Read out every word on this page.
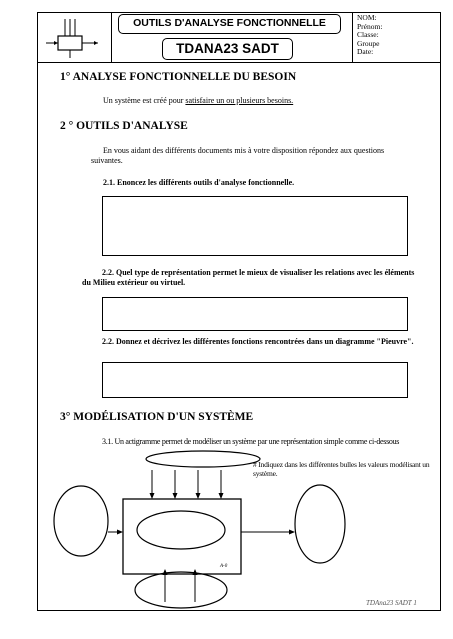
OUTILS D'ANALYSE FONCTIONNELLE
TDANA23 SADT
NOM:
Prénom:
Classe:
Groupe
Date:
1° ANALYSE FONCTIONNELLE DU BESOIN
Un système est créé pour satisfaire un ou plusieurs besoins.
2 ° OUTILS D'ANALYSE
En vous aidant des différents documents mis à votre disposition répondez aux questions suivantes.
2.1. Enoncez les différents outils d'analyse fonctionnelle.
2.2. Quel type de représentation permet le mieux de visualiser les relations avec les éléments du Milieu extérieur ou virtuel.
2.2. Donnez et décrivez les différentes fonctions rencontrées dans un diagramme "Pieuvre".
3° MODÉLISATION D'UN SYSTÈME
3.1. Un actigramme permet de modéliser un système par une représentation simple comme ci-dessous
# Indiquez dans les différentes bulles les valeurs modélisant un système.
A-0
TDAna23 SADT 1
